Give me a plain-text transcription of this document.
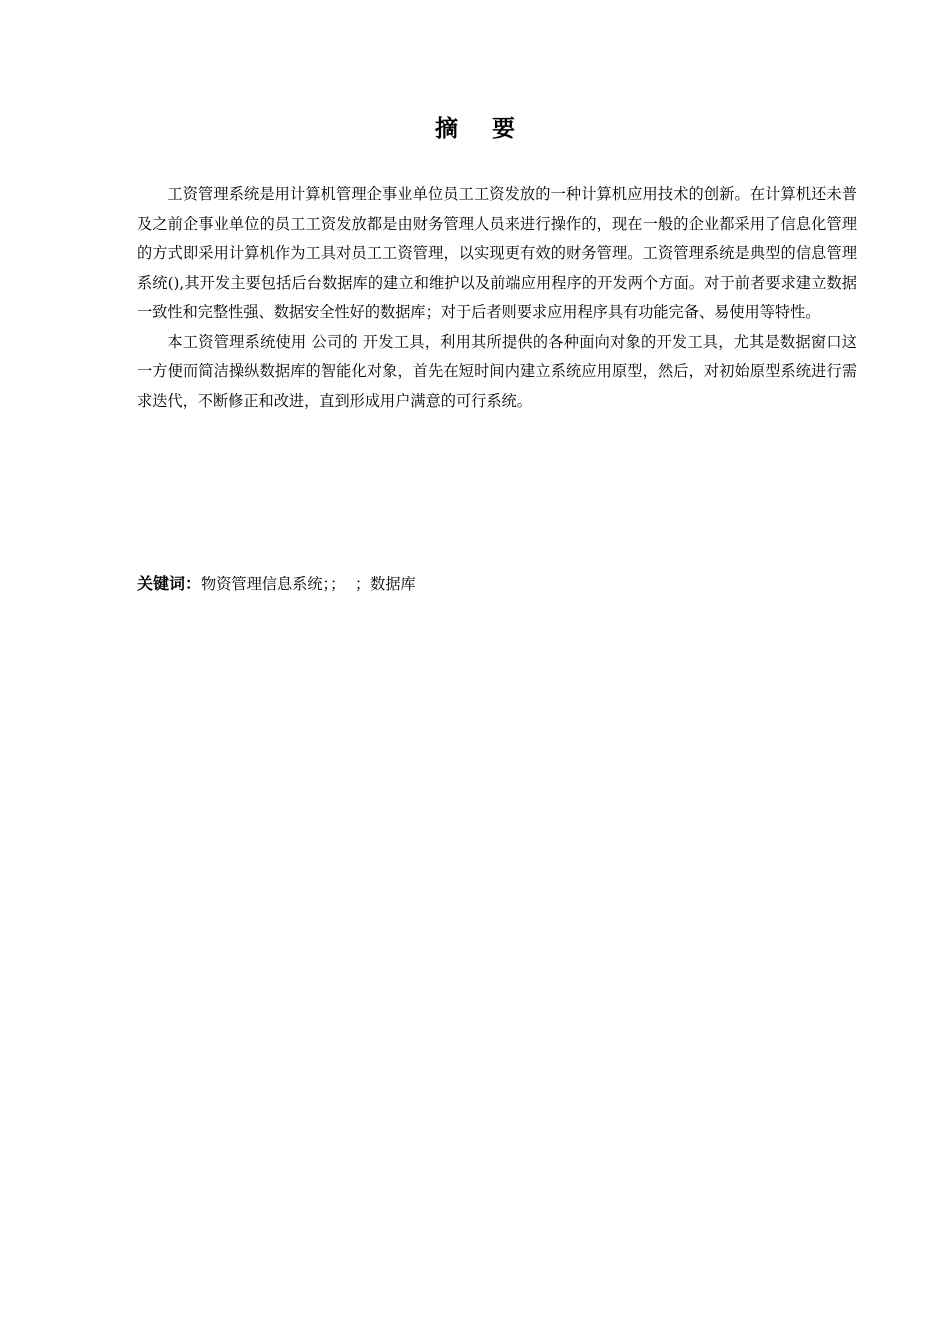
摘 要

工资管理系统是用计算机管理企事业单位员工工资发放的一种计算机应用技术的创新。在计算机还未普及之前企事业单位的员工工资发放都是由财务管理人员来进行操作的，现在一般的企业都采用了信息化管理的方式即采用计算机作为工具对员工工资管理，以实现更有效的财务管理。工资管理系统是典型的信息管理系统(),其开发主要包括后台数据库的建立和维护以及前端应用程序的开发两个方面。对于前者要求建立数据一致性和完整性强、数据安全性好的数据库；对于后者则要求应用程序具有功能完备、易使用等特性。

本工资管理系统使用 公司的 开发工具，利用其所提供的各种面向对象的开发工具，尤其是数据窗口这一方便而简洁操纵数据库的智能化对象，首先在短时间内建立系统应用原型，然后，对初始原型系统进行需求迭代，不断修正和改进，直到形成用户满意的可行系统。

关键词：物资管理信息系统；；  ；数据库
